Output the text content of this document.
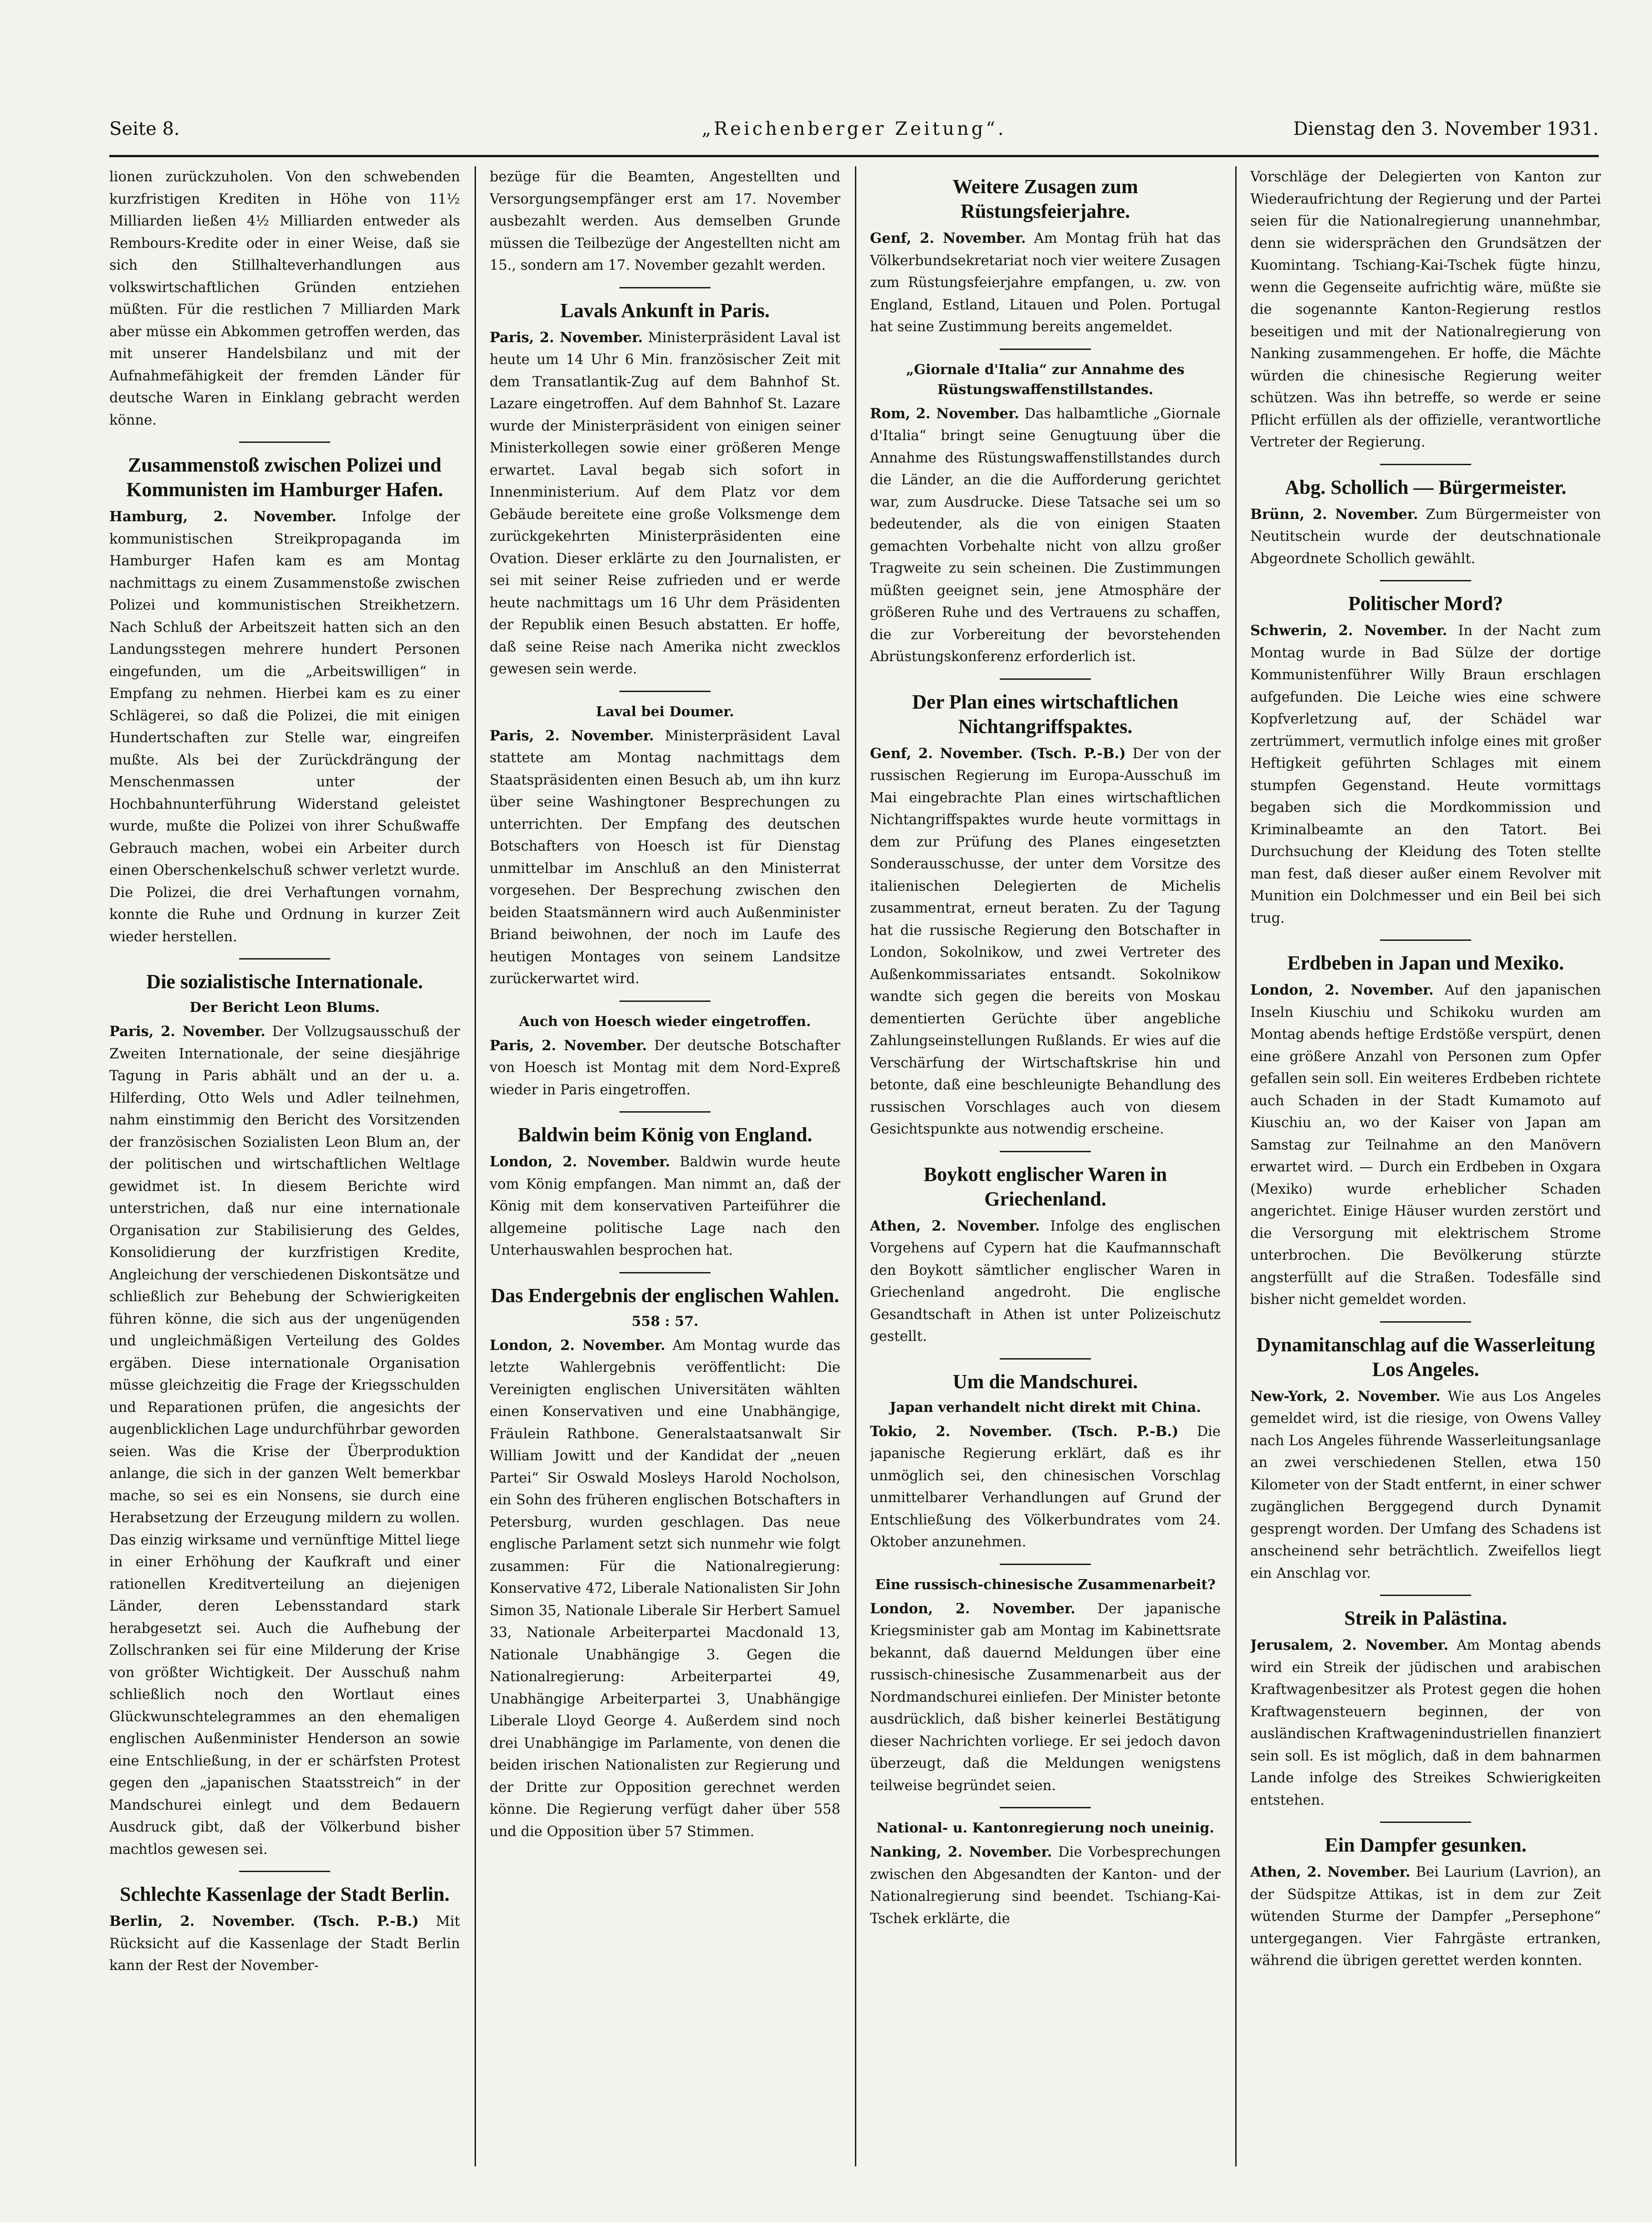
Seite 8.	„Reichenberger Zeitung“.	Dienstag den 3. November 1931.

lionen zurückzuholen. Von den schwebenden kurzfristigen Krediten in Höhe von 11½ Milliarden ließen 4½ Milliarden entweder als Rembours-Kredite oder in einer Weise, daß sie sich den Stillhalteverhandlungen aus volkswirtschaftlichen Gründen entziehen müßten. Für die restlichen 7 Milliarden Mark aber müsse ein Abkommen getroffen werden, das mit unserer Handelsbilanz und mit der Aufnahmefähigkeit der fremden Länder für deutsche Waren in Einklang gebracht werden könne.

Zusammenstoß zwischen Polizei und Kommunisten im Hamburger Hafen.

Hamburg, 2. November. Infolge der kommunistischen Streikpropaganda im Hamburger Hafen kam es am Montag nachmittags zu einem Zusammenstoße zwischen Polizei und kommunistischen Streikhetzern. Nach Schluß der Arbeitszeit hatten sich an den Landungsstegen mehrere hundert Personen eingefunden, um die „Arbeitswilligen“ in Empfang zu nehmen. Hierbei kam es zu einer Schlägerei, so daß die Polizei, die mit einigen Hundertschaften zur Stelle war, eingreifen mußte. Als bei der Zurückdrängung der Menschenmassen unter der Hochbahnunterführung Widerstand geleistet wurde, mußte die Polizei von ihrer Schußwaffe Gebrauch machen, wobei ein Arbeiter durch einen Oberschenkelschuß schwer verletzt wurde. Die Polizei, die drei Verhaftungen vornahm, konnte die Ruhe und Ordnung in kurzer Zeit wieder herstellen.

Die sozialistische Internationale.
Der Bericht Leon Blums.

Paris, 2. November. Der Vollzugsausschuß der Zweiten Internationale, der seine diesjährige Tagung in Paris abhält und an der u. a. Hilferding, Otto Wels und Adler teilnehmen, nahm einstimmig den Bericht des Vorsitzenden der französischen Sozialisten Leon Blum an, der der politischen und wirtschaftlichen Weltlage gewidmet ist. In diesem Berichte wird unterstrichen, daß nur eine internationale Organisation zur Stabilisierung des Geldes, Konsolidierung der kurzfristigen Kredite, Angleichung der verschiedenen Diskontsätze und schließlich zur Behebung der Schwierigkeiten führen könne, die sich aus der ungenügenden und ungleichmäßigen Verteilung des Goldes ergäben. Diese internationale Organisation müsse gleichzeitig die Frage der Kriegsschulden und Reparationen prüfen, die angesichts der augenblicklichen Lage undurchführbar geworden seien. Was die Krise der Überproduktion anlange, die sich in der ganzen Welt bemerkbar mache, so sei es ein Nonsens, sie durch eine Herabsetzung der Erzeugung mildern zu wollen. Das einzig wirksame und vernünftige Mittel liege in einer Erhöhung der Kaufkraft und einer rationellen Kreditverteilung an diejenigen Länder, deren Lebensstandard stark herabgesetzt sei. Auch die Aufhebung der Zollschranken sei für eine Milderung der Krise von größter Wichtigkeit. Der Ausschuß nahm schließlich noch den Wortlaut eines Glückwunschtelegrammes an den ehemaligen englischen Außenminister Henderson an sowie eine Entschließung, in der er schärfsten Protest gegen den „japanischen Staatsstreich“ in der Mandschurei einlegt und dem Bedauern Ausdruck gibt, daß der Völkerbund bisher machtlos gewesen sei.

Schlechte Kassenlage der Stadt Berlin.

Berlin, 2. November. (Tsch. P.-B.) Mit Rücksicht auf die Kassenlage der Stadt Berlin kann der Rest der November-

bezüge für die Beamten, Angestellten und Versorgungsempfänger erst am 17. November ausbezahlt werden. Aus demselben Grunde müssen die Teilbezüge der Angestellten nicht am 15., sondern am 17. November gezahlt werden.

Lavals Ankunft in Paris.

Paris, 2. November. Ministerpräsident Laval ist heute um 14 Uhr 6 Min. französischer Zeit mit dem Transatlantik-Zug auf dem Bahnhof St. Lazare eingetroffen. Auf dem Bahnhof St. Lazare wurde der Ministerpräsident von einigen seiner Ministerkollegen sowie einer größeren Menge erwartet. Laval begab sich sofort in Innenministerium. Auf dem Platz vor dem Gebäude bereitete eine große Volksmenge dem zurückgekehrten Ministerpräsidenten eine Ovation. Dieser erklärte zu den Journalisten, er sei mit seiner Reise zufrieden und er werde heute nachmittags um 16 Uhr dem Präsidenten der Republik einen Besuch abstatten. Er hoffe, daß seine Reise nach Amerika nicht zwecklos gewesen sein werde.

Laval bei Doumer.

Paris, 2. November. Ministerpräsident Laval stattete am Montag nachmittags dem Staatspräsidenten einen Besuch ab, um ihn kurz über seine Washingtoner Besprechungen zu unterrichten. Der Empfang des deutschen Botschafters von Hoesch ist für Dienstag unmittelbar im Anschluß an den Ministerrat vorgesehen. Der Besprechung zwischen den beiden Staatsmännern wird auch Außenminister Briand beiwohnen, der noch im Laufe des heutigen Montages von seinem Landsitze zurückerwartet wird.

Auch von Hoesch wieder eingetroffen.

Paris, 2. November. Der deutsche Botschafter von Hoesch ist Montag mit dem Nord-Expreß wieder in Paris eingetroffen.

Baldwin beim König von England.

London, 2. November. Baldwin wurde heute vom König empfangen. Man nimmt an, daß der König mit dem konservativen Parteiführer die allgemeine politische Lage nach den Unterhauswahlen besprochen hat.

Das Endergebnis der englischen Wahlen.
558 : 57.

London, 2. November. Am Montag wurde das letzte Wahlergebnis veröffentlicht: Die Vereinigten englischen Universitäten wählten einen Konservativen und eine Unabhängige, Fräulein Rathbone. Generalstaatsanwalt Sir William Jowitt und der Kandidat der „neuen Partei“ Sir Oswald Mosleys Harold Nocholson, ein Sohn des früheren englischen Botschafters in Petersburg, wurden geschlagen. Das neue englische Parlament setzt sich nunmehr wie folgt zusammen: Für die Nationalregierung: Konservative 472, Liberale Nationalisten Sir John Simon 35, Nationale Liberale Sir Herbert Samuel 33, Nationale Arbeiterpartei Macdonald 13, Nationale Unabhängige 3. Gegen die Nationalregierung: Arbeiterpartei 49, Unabhängige Arbeiterpartei 3, Unabhängige Liberale Lloyd George 4. Außerdem sind noch drei Unabhängige im Parlamente, von denen die beiden irischen Nationalisten zur Regierung und der Dritte zur Opposition gerechnet werden könne. Die Regierung verfügt daher über 558 und die Opposition über 57 Stimmen.

Weitere Zusagen zum Rüstungsfeierjahre.

Genf, 2. November. Am Montag früh hat das Völkerbundsekretariat noch vier weitere Zusagen zum Rüstungsfeierjahre empfangen, u. zw. von England, Estland, Litauen und Polen. Portugal hat seine Zustimmung bereits angemeldet.

„Giornale d'Italia“ zur Annahme des Rüstungswaffenstillstandes.

Rom, 2. November. Das halbamtliche „Giornale d'Italia“ bringt seine Genugtuung über die Annahme des Rüstungswaffenstillstandes durch die Länder, an die die Aufforderung gerichtet war, zum Ausdrucke. Diese Tatsache sei um so bedeutender, als die von einigen Staaten gemachten Vorbehalte nicht von allzu großer Tragweite zu sein scheinen. Die Zustimmungen müßten geeignet sein, jene Atmosphäre der größeren Ruhe und des Vertrauens zu schaffen, die zur Vorbereitung der bevorstehenden Abrüstungskonferenz erforderlich ist.

Der Plan eines wirtschaftlichen Nichtangriffspaktes.

Genf, 2. November. (Tsch. P.-B.) Der von der russischen Regierung im Europa-Ausschuß im Mai eingebrachte Plan eines wirtschaftlichen Nichtangriffspaktes wurde heute vormittags in dem zur Prüfung des Planes eingesetzten Sonderausschusse, der unter dem Vorsitze des italienischen Delegierten de Michelis zusammentrat, erneut beraten. Zu der Tagung hat die russische Regierung den Botschafter in London, Sokolnikow, und zwei Vertreter des Außenkommissariates entsandt. Sokolnikow wandte sich gegen die bereits von Moskau dementierten Gerüchte über angebliche Zahlungseinstellungen Rußlands. Er wies auf die Verschärfung der Wirtschaftskrise hin und betonte, daß eine beschleunigte Behandlung des russischen Vorschlages auch von diesem Gesichtspunkte aus notwendig erscheine.

Boykott englischer Waren in Griechenland.

Athen, 2. November. Infolge des englischen Vorgehens auf Cypern hat die Kaufmannschaft den Boykott sämtlicher englischer Waren in Griechenland angedroht. Die englische Gesandtschaft in Athen ist unter Polizeischutz gestellt.

Um die Mandschurei.
Japan verhandelt nicht direkt mit China.

Tokio, 2. November. (Tsch. P.-B.) Die japanische Regierung erklärt, daß es ihr unmöglich sei, den chinesischen Vorschlag unmittelbarer Verhandlungen auf Grund der Entschließung des Völkerbundrates vom 24. Oktober anzunehmen.

Eine russisch-chinesische Zusammenarbeit?

London, 2. November. Der japanische Kriegsminister gab am Montag im Kabinettsrate bekannt, daß dauernd Meldungen über eine russisch-chinesische Zusammenarbeit aus der Nordmandschurei einliefen. Der Minister betonte ausdrücklich, daß bisher keinerlei Bestätigung dieser Nachrichten vorliege. Er sei jedoch davon überzeugt, daß die Meldungen wenigstens teilweise begründet seien.

National- u. Kantonregierung noch uneinig.

Nanking, 2. November. Die Vorbesprechungen zwischen den Abgesandten der Kanton- und der Nationalregierung sind beendet. Tschiang-Kai-Tschek erklärte, die

Vorschläge der Delegierten von Kanton zur Wiederaufrichtung der Regierung und der Partei seien für die Nationalregierung unannehmbar, denn sie widersprächen den Grundsätzen der Kuomintang. Tschiang-Kai-Tschek fügte hinzu, wenn die Gegenseite aufrichtig wäre, müßte sie die sogenannte Kanton-Regierung restlos beseitigen und mit der Nationalregierung von Nanking zusammengehen. Er hoffe, die Mächte würden die chinesische Regierung weiter schützen. Was ihn betreffe, so werde er seine Pflicht erfüllen als der offizielle, verantwortliche Vertreter der Regierung.

Abg. Schollich — Bürgermeister.

Brünn, 2. November. Zum Bürgermeister von Neutitschein wurde der deutschnationale Abgeordnete Schollich gewählt.

Politischer Mord?

Schwerin, 2. November. In der Nacht zum Montag wurde in Bad Sülze der dortige Kommunistenführer Willy Braun erschlagen aufgefunden. Die Leiche wies eine schwere Kopfverletzung auf, der Schädel war zertrümmert, vermutlich infolge eines mit großer Heftigkeit geführten Schlages mit einem stumpfen Gegenstand. Heute vormittags begaben sich die Mordkommission und Kriminalbeamte an den Tatort. Bei Durchsuchung der Kleidung des Toten stellte man fest, daß dieser außer einem Revolver mit Munition ein Dolchmesser und ein Beil bei sich trug.

Erdbeben in Japan und Mexiko.

London, 2. November. Auf den japanischen Inseln Kiuschiu und Schikoku wurden am Montag abends heftige Erdstöße verspürt, denen eine größere Anzahl von Personen zum Opfer gefallen sein soll. Ein weiteres Erdbeben richtete auch Schaden in der Stadt Kumamoto auf Kiuschiu an, wo der Kaiser von Japan am Samstag zur Teilnahme an den Manövern erwartet wird. — Durch ein Erdbeben in Oxgara (Mexiko) wurde erheblicher Schaden angerichtet. Einige Häuser wurden zerstört und die Versorgung mit elektrischem Strome unterbrochen. Die Bevölkerung stürzte angsterfüllt auf die Straßen. Todesfälle sind bisher nicht gemeldet worden.

Dynamitanschlag auf die Wasserleitung Los Angeles.

New-York, 2. November. Wie aus Los Angeles gemeldet wird, ist die riesige, von Owens Valley nach Los Angeles führende Wasserleitungsanlage an zwei verschiedenen Stellen, etwa 150 Kilometer von der Stadt entfernt, in einer schwer zugänglichen Berggegend durch Dynamit gesprengt worden. Der Umfang des Schadens ist anscheinend sehr beträchtlich. Zweifellos liegt ein Anschlag vor.

Streik in Palästina.

Jerusalem, 2. November. Am Montag abends wird ein Streik der jüdischen und arabischen Kraftwagenbesitzer als Protest gegen die hohen Kraftwagensteuern beginnen, der von ausländischen Kraftwagenindustriellen finanziert sein soll. Es ist möglich, daß in dem bahnarmen Lande infolge des Streikes Schwierigkeiten entstehen.

Ein Dampfer gesunken.

Athen, 2. November. Bei Laurium (Lavrion), an der Südspitze Attikas, ist in dem zur Zeit wütenden Sturme der Dampfer „Persephone“ untergegangen. Vier Fahrgäste ertranken, während die übrigen gerettet werden konnten.
